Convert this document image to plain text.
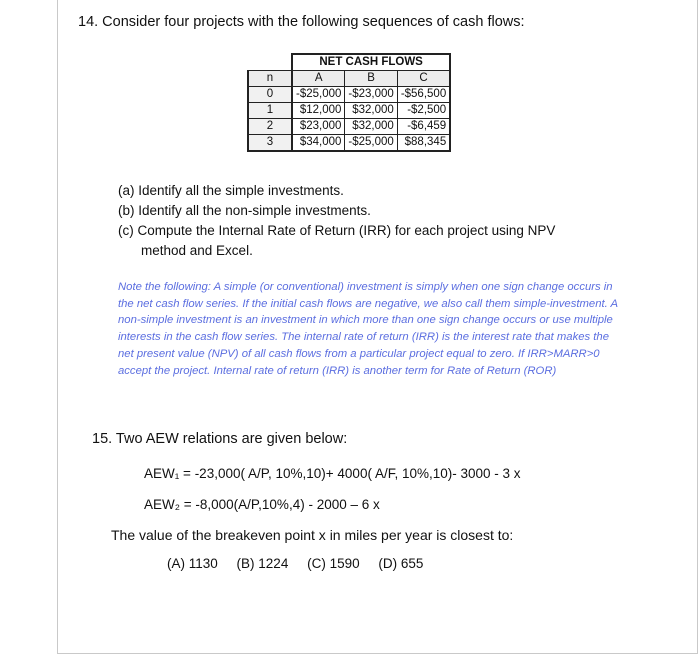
14. Consider four projects with the following sequences of cash flows:
	NET CASH FLOWS		
n	A	B	C
0	-$25,000	-$23,000	-$56,500
1	$12,000	$32,000	-$2,500
2	$23,000	$32,000	-$6,459
3	$34,000	-$25,000	$88,345
(a) Identify all the simple investments.
(b) Identify all the non-simple investments.
(c) Compute the Internal Rate of Return (IRR) for each project using NPV
method and Excel.
Note the following: A simple (or conventional) investment is simply when one sign change occurs in the net cash flow series. If the initial cash flows are negative, we also call them simple-investment. A non-simple investment is an investment in which more than one sign change occurs or use multiple interests in the cash flow series. The internal rate of return (IRR) is the interest rate that makes the net present value (NPV) of all cash flows from a particular project equal to zero. If IRR>MARR>0 accept the project. Internal rate of return (IRR) is another term for Rate of Return (ROR)
15. Two AEW relations are given below:
AEW₁ = -23,000( A/P, 10%,10)+ 4000( A/F, 10%,10)- 3000 - 3 x
AEW₂ = -8,000(A/P,10%,4) - 2000 – 6 x
The value of the breakeven point x in miles per year is closest to:
(A) 1130 (B) 1224 (C) 1590 (D) 655
